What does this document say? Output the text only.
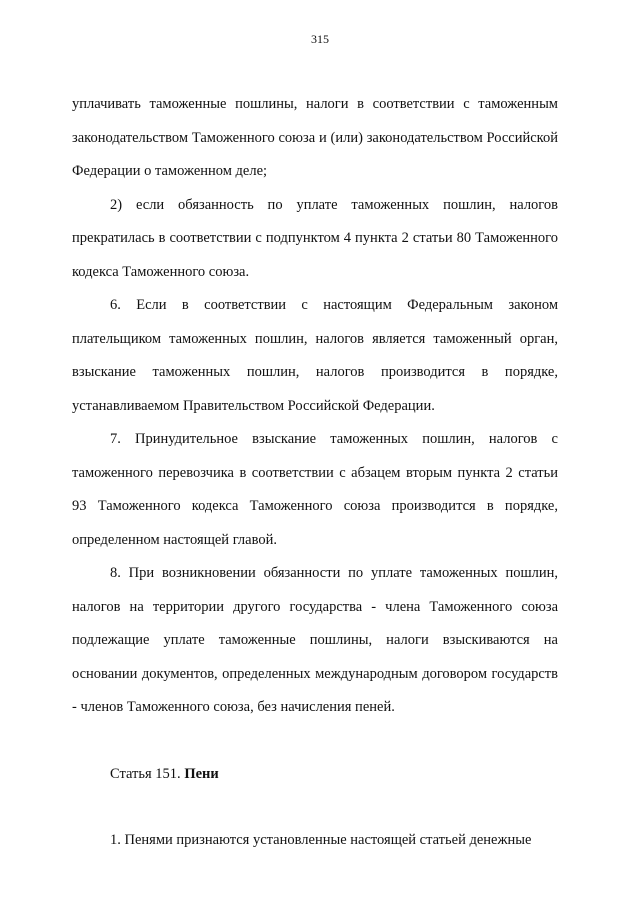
315

уплачивать таможенные пошлины, налоги в соответствии с таможенным законодательством Таможенного союза и (или) законодательством Российской Федерации о таможенном деле;

2) если обязанность по уплате таможенных пошлин, налогов прекратилась в соответствии с подпунктом 4 пункта 2 статьи 80 Таможенного кодекса Таможенного союза.

6. Если в соответствии с настоящим Федеральным законом плательщиком таможенных пошлин, налогов является таможенный орган, взыскание таможенных пошлин, налогов производится в порядке, устанавливаемом Правительством Российской Федерации.

7. Принудительное взыскание таможенных пошлин, налогов с таможенного перевозчика в соответствии с абзацем вторым пункта 2 статьи 93 Таможенного кодекса Таможенного союза производится в порядке, определенном настоящей главой.

8. При возникновении обязанности по уплате таможенных пошлин, налогов на территории другого государства - члена Таможенного союза подлежащие уплате таможенные пошлины, налоги взыскиваются на основании документов, определенных международным договором государств - членов Таможенного союза, без начисления пеней.

Статья 151. Пени

1. Пенями признаются установленные настоящей статьей денежные
